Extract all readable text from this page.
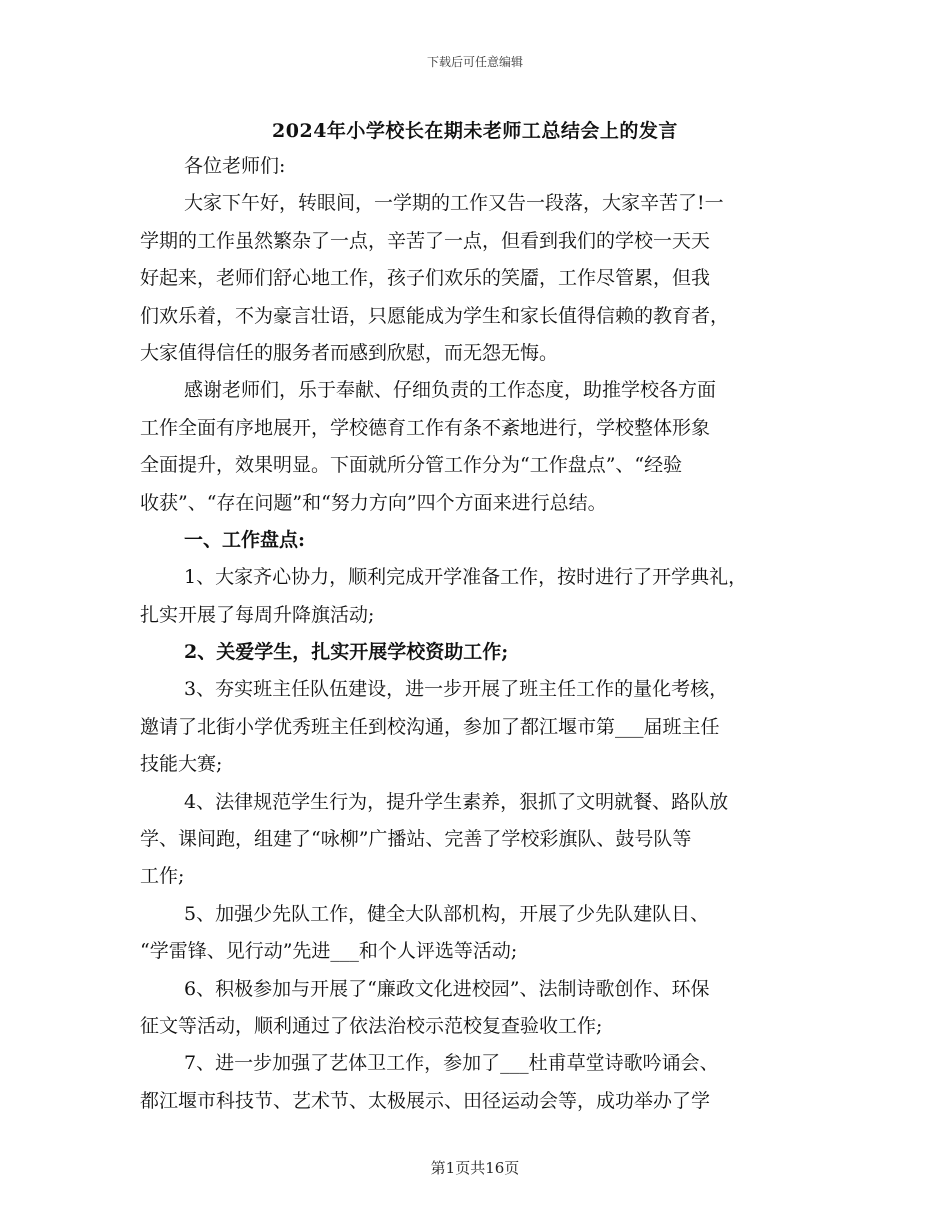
下载后可任意编辑
2024年小学校长在期未老师工总结会上的发言
各位老师们:
大家下午好，转眼间，一学期的工作又告一段落，大家辛苦了!一
学期的工作虽然繁杂了一点，辛苦了一点，但看到我们的学校一天天
好起来，老师们舒心地工作，孩子们欢乐的笑靥，工作尽管累，但我
们欢乐着，不为豪言壮语，只愿能成为学生和家长值得信赖的教育者，
大家值得信任的服务者而感到欣慰，而无怨无悔。
感谢老师们，乐于奉献、仔细负责的工作态度，助推学校各方面
工作全面有序地展开，学校德育工作有条不紊地进行，学校整体形象
全面提升，效果明显。下面就所分管工作分为“工作盘点”、“经验
收获”、“存在问题”和“努力方向”四个方面来进行总结。
一、工作盘点:
1、大家齐心协力，顺利完成开学准备工作，按时进行了开学典礼，
扎实开展了每周升降旗活动;
2、关爱学生，扎实开展学校资助工作;
3、夯实班主任队伍建设，进一步开展了班主任工作的量化考核，
邀请了北街小学优秀班主任到校沟通，参加了都江堰市第___届班主任
技能大赛;
4、法律规范学生行为，提升学生素养，狠抓了文明就餐、路队放
学、课间跑，组建了“咏柳”广播站、完善了学校彩旗队、鼓号队等
工作;
5、加强少先队工作，健全大队部机构，开展了少先队建队日、
“学雷锋、见行动”先进___和个人评选等活动;
6、积极参加与开展了“廉政文化进校园”、法制诗歌创作、环保
征文等活动，顺利通过了依法治校示范校复查验收工作;
7、进一步加强了艺体卫工作，参加了___杜甫草堂诗歌吟诵会、
都江堰市科技节、艺术节、太极展示、田径运动会等，成功举办了学
第1页共16页
